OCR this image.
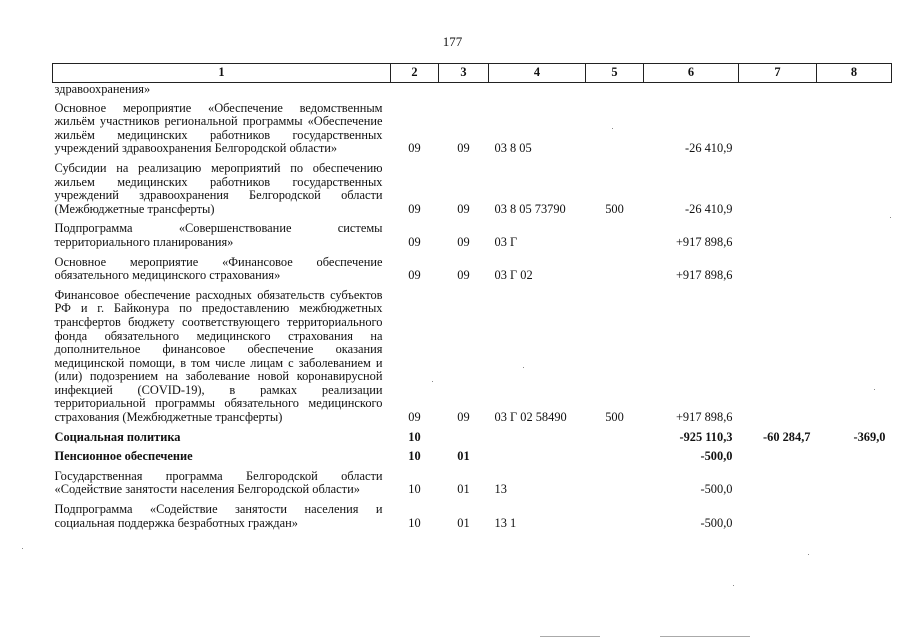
177
1	2	3	4	5	6	7	8
здравоохранения»							
Основное мероприятие «Обеспечение ведомственным жильём участников региональной программы «Обеспечение жильём медицинских работников государственных учреждений здравоохранения Белгородской области»	09	09	03 8 05		-26 410,9		
Субсидии на реализацию мероприятий по обеспечению жильем медицинских работников государственных учреждений здравоохранения Белгородской области (Межбюджетные трансферты)	09	09	03 8 05 73790	500	-26 410,9		
Подпрограмма «Совершенствование системы территориального планирования»	09	09	03 Г		+917 898,6		
Основное мероприятие «Финансовое обеспечение обязательного медицинского страхования»	09	09	03 Г 02		+917 898,6		
Финансовое обеспечение расходных обязательств субъектов РФ и г. Байконура по предоставлению межбюджетных трансфертов бюджету соответствующего территориального фонда обязательного медицинского страхования на дополнительное финансовое обеспечение оказания медицинской помощи, в том числе лицам с заболеванием и (или) подозрением на заболевание новой коронавирусной инфекцией (COVID-19), в рамках реализации территориальной программы обязательного медицинского страхования (Межбюджетные трансферты)	09	09	03 Г 02 58490	500	+917 898,6		
Социальная политика	10				-925 110,3	-60 284,7	-369,0
Пенсионное обеспечение	10	01			-500,0		
Государственная программа Белгородской области «Содействие занятости населения Белгородской области»	10	01	13		-500,0		
Подпрограмма «Содействие занятости населения и социальная поддержка безработных граждан»	10	01	13 1		-500,0		
